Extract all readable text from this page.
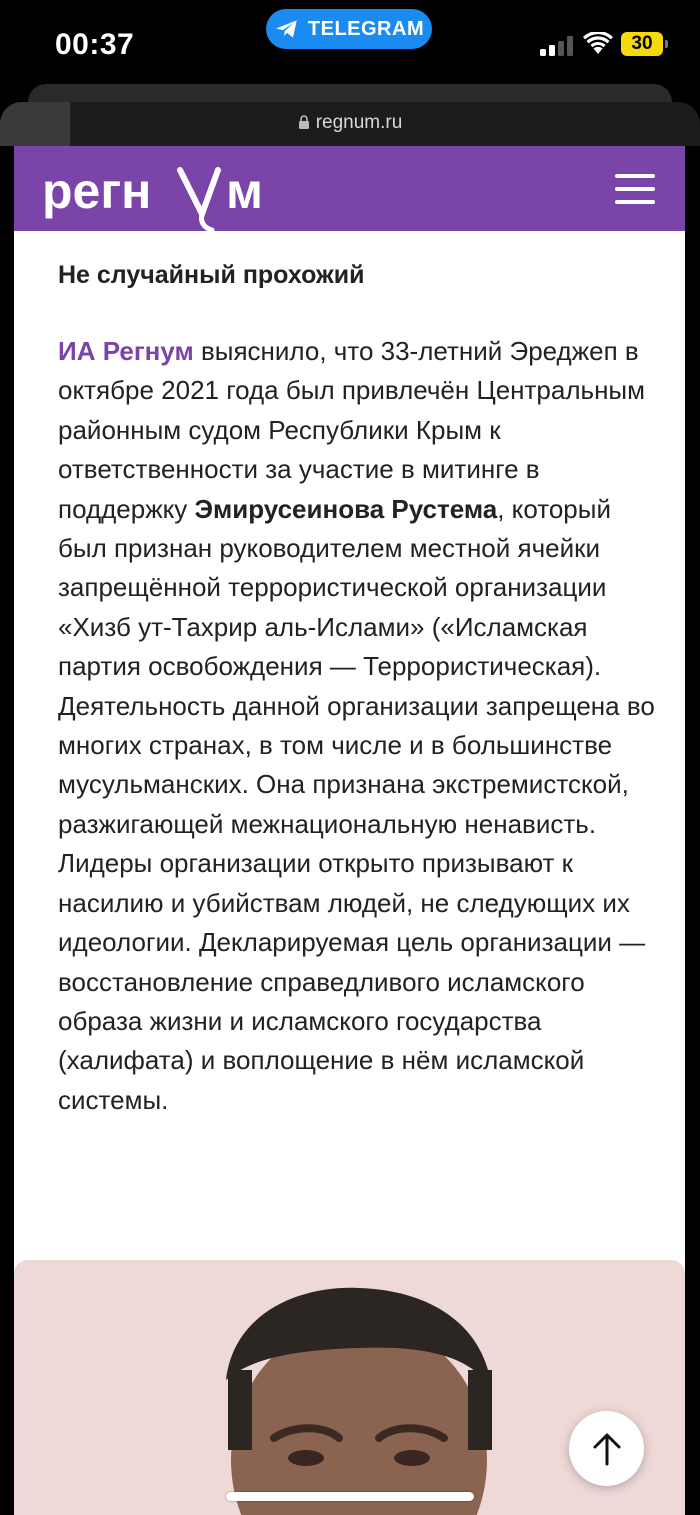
00:37	TELEGRAM
30
regnum.ru
регн м
Не случайный прохожий

ИА Регнум выяснило, что 33-летний Эреджеп в октябре 2021 года был привлечён Центральным районным судом Республики Крым к ответственности за участие в митинге в поддержку Эмирусеинова Рустема, который был признан руководителем местной ячейки запрещённой террористической организации «Хизб ут-Тахрир аль-Ислами» («Исламская партия освобождения — Террористическая). Деятельность данной организации запрещена во многих странах, в том числе и в большинстве мусульманских. Она признана экстремистской, разжигающей межнациональную ненависть. Лидеры организации открыто призывают к насилию и убийствам людей, не следующих их идеологии. Декларируемая цель организации — восстановление справедливого исламского образа жизни и исламского государства (халифата) и воплощение в нём исламской системы.
